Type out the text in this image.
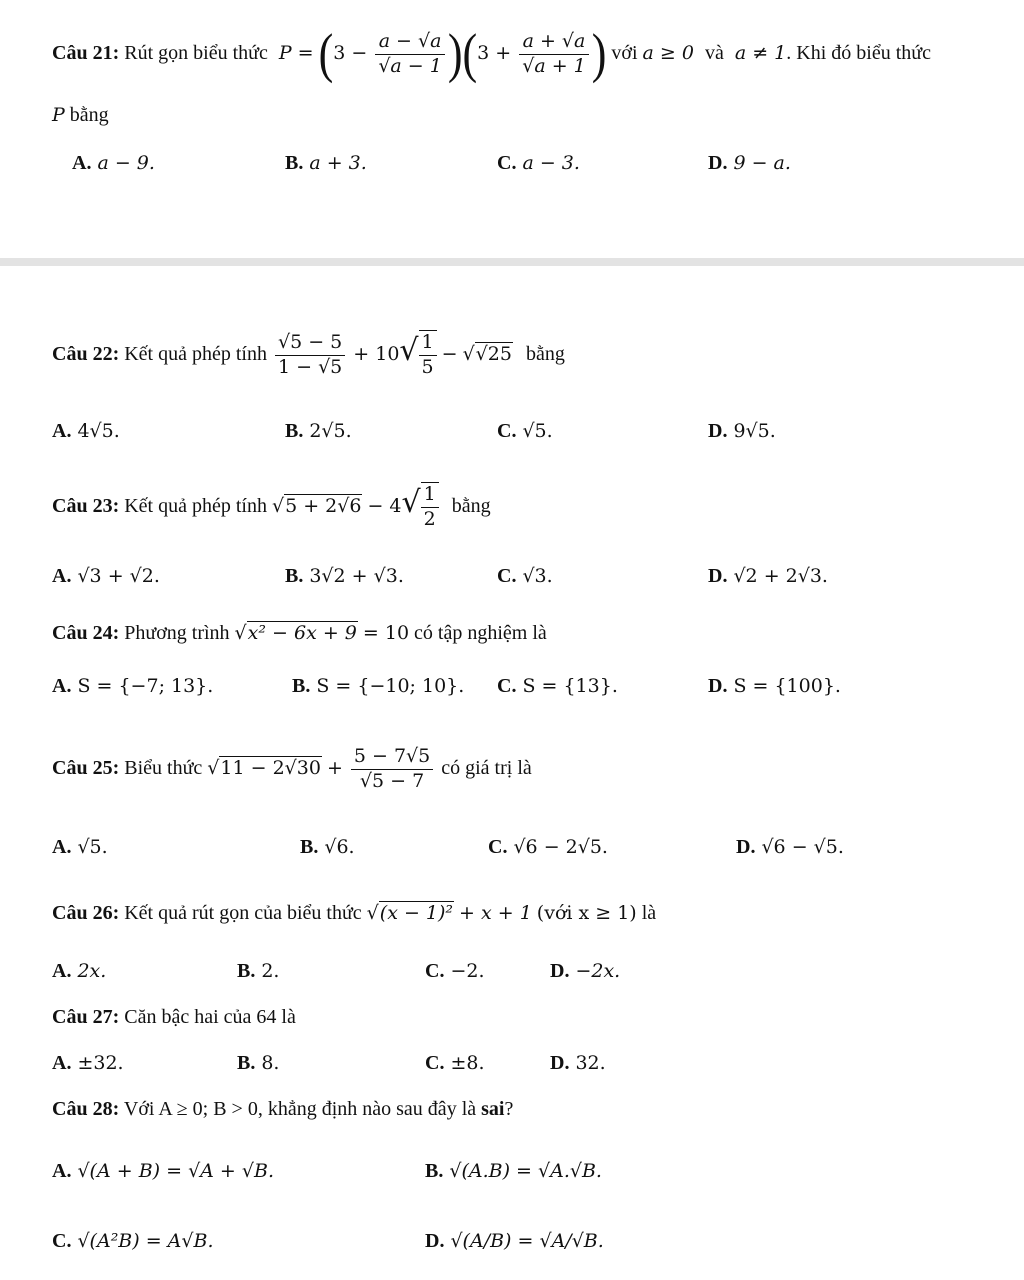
Câu 21: Rút gọn biểu thức $P = (3 - \frac{a - √a}{√a - 1} )(3 + \frac{a + √a}{√a + 1}$ ) với a ≥ 0 và a ≠ 1. Khi đó biểu thức
P bằng
A. a − 9.	B. a + 3.	C. a − 3.	D. 9 − a.
Câu 22: Kết quả phép tính $\frac{√5 - 5}{1 - √5} + 10√ \frac{1}{5} - √√25$ bằng
A. 4√5.	B. 2√5.	C. √5.	D. 9√5.
Câu 23: Kết quả phép tính $√5 + 2√6 - 4√ \frac{1}{2}$ bằng
A. √3 + √2.	B. 3√2 + √3.	C. √3.	D. √2 + 2√3.
Câu 24: Phương trình √x² − 6x + 9 = 10 có tập nghiệm là
A. S = {−7; 13}.	B. S = {−10; 10}. C. S = {13}.	D. S = {100}.
Câu 25: Biểu thức $√11 - 2√30 + \frac{5 - 7√5}{√5 - 7}$ có giá trị là
A. √5.	B. √6.	C. √6 − 2√5.	D. √6 − √5.
Câu 26: Kết quả rút gọn của biểu thức √(x − 1)² + x + 1 (với x ≥ 1) là
A. 2x.	B. 2.	C. −2.	D. −2x.
Câu 27: Căn bậc hai của 64 là
A. ±32.	B. 8.	C. ±8.	D. 32.
Câu 28: Với A ≥ 0; B > 0, khẳng định nào sau đây là sai?
A. √(A + B) = √A + √B.	B. √(A.B) = √A.√B.
C. √(A²B) = A√B.	D. √(A/B) = √A/√B.
